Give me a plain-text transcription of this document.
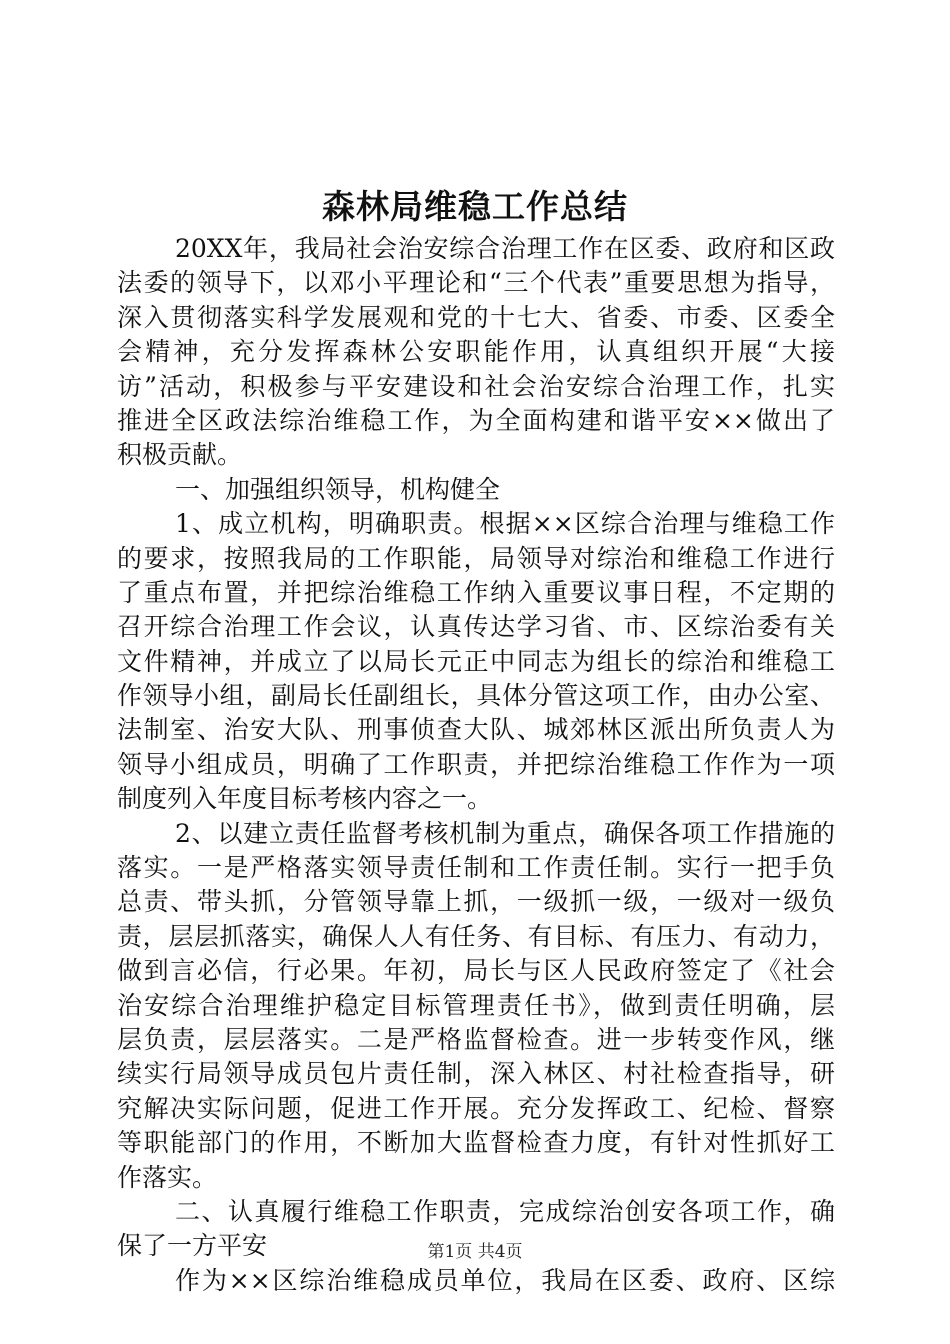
森林局维稳工作总结
20XX年，我局社会治安综合治理工作在区委、政府和区政
法委的领导下，以邓小平理论和“三个代表”重要思想为指导，
深入贯彻落实科学发展观和党的十七大、省委、市委、区委全
会精神，充分发挥森林公安职能作用，认真组织开展“大接
访”活动，积极参与平安建设和社会治安综合治理工作，扎实
推进全区政法综治维稳工作，为全面构建和谐平安××做出了
积极贡献。
一、加强组织领导，机构健全
1、成立机构，明确职责。根据××区综合治理与维稳工作
的要求，按照我局的工作职能，局领导对综治和维稳工作进行
了重点布置，并把综治维稳工作纳入重要议事日程，不定期的
召开综合治理工作会议，认真传达学习省、市、区综治委有关
文件精神，并成立了以局长元正中同志为组长的综治和维稳工
作领导小组，副局长任副组长，具体分管这项工作，由办公室、
法制室、治安大队、刑事侦查大队、城郊林区派出所负责人为
领导小组成员，明确了工作职责，并把综治维稳工作作为一项
制度列入年度目标考核内容之一。
2、以建立责任监督考核机制为重点，确保各项工作措施的
落实。一是严格落实领导责任制和工作责任制。实行一把手负
总责、带头抓，分管领导靠上抓，一级抓一级，一级对一级负
责，层层抓落实，确保人人有任务、有目标、有压力、有动力，
做到言必信，行必果。年初，局长与区人民政府签定了《社会
治安综合治理维护稳定目标管理责任书》，做到责任明确，层
层负责，层层落实。二是严格监督检查。进一步转变作风，继
续实行局领导成员包片责任制，深入林区、村社检查指导，研
究解决实际问题，促进工作开展。充分发挥政工、纪检、督察
等职能部门的作用，不断加大监督检查力度，有针对性抓好工
作落实。
二、认真履行维稳工作职责，完成综治创安各项工作，确
保了一方平安
作为××区综治维稳成员单位，我局在区委、政府、区综
第1页 共4页
